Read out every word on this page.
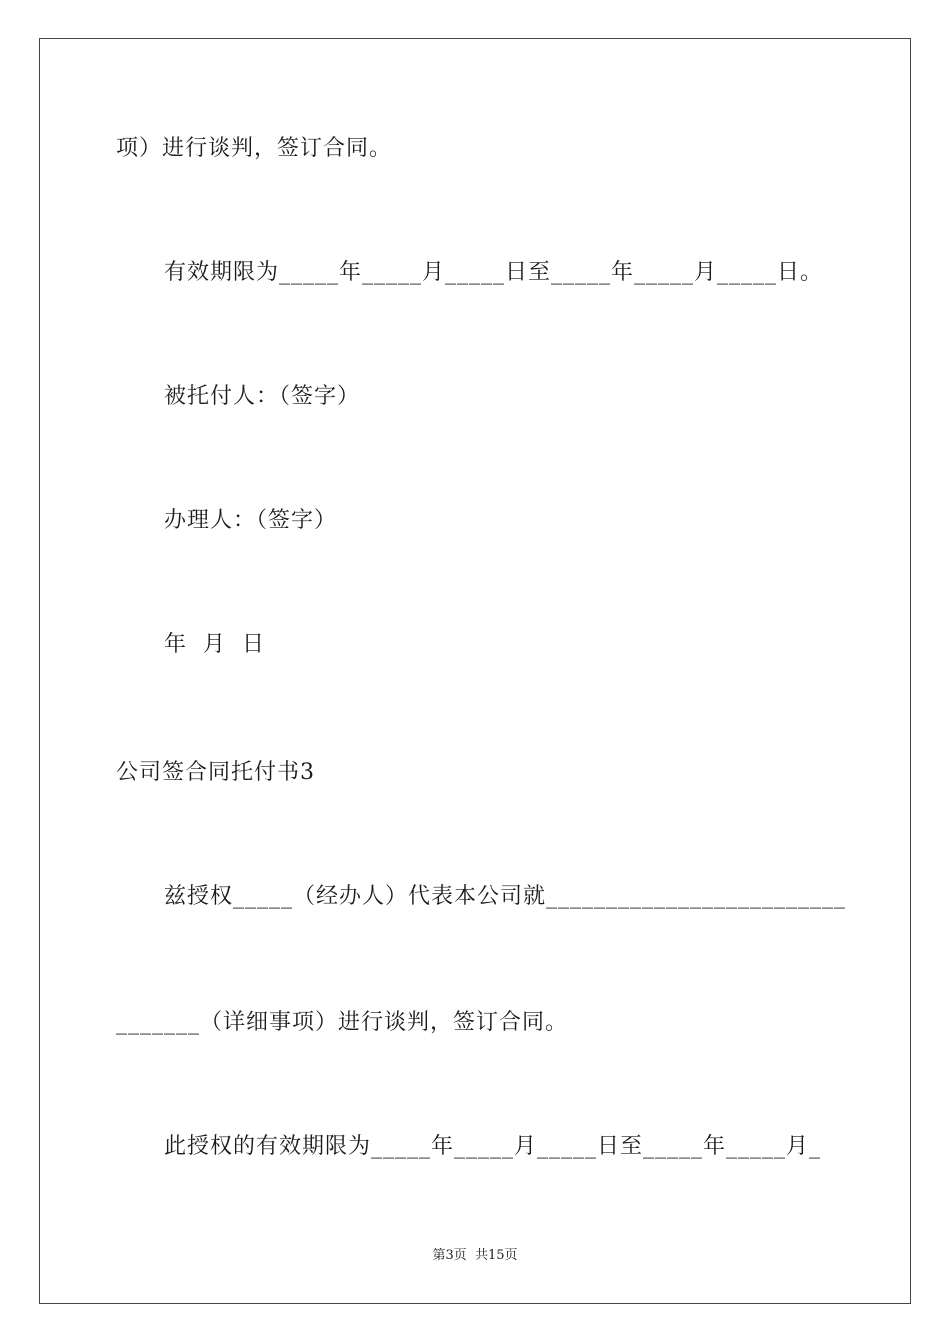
项）进行谈判，签订合同。
有效期限为_____年_____月_____日至_____年_____月_____日。
被托付人：（签字）
办理人：（签字）
年  月  日
公司签合同托付书3
兹授权_____（经办人）代表本公司就_________________________
_______（详细事项）进行谈判，签订合同。
此授权的有效期限为_____年_____月_____日至_____年_____月_
第3页  共15页
